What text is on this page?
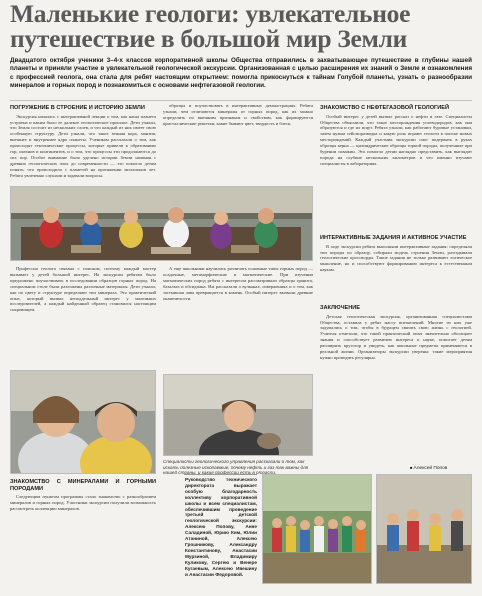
Маленькие геологи: увлекательное путешествие в большой мир Земли

Двадцатого октября ученики 3–4-х классов корпоративной школы Общества отправились в захватывающее путешествие в глубины нашей планеты и приняли участие в увлекательной геологической экскурсии. Организованная с целью расширения их знаний о Земле и ознакомления с профессией геолога, она стала для ребят настоящим открытием: помогла прикоснуться к тайнам Голубой планеты, узнать о разнообразии минералов и горных пород и познакомиться с основами нефтегазовой геологии.

ПОГРУЖЕНИЕ В СТРОЕНИЕ И ИСТОРИЮ ЗЕМЛИ

Экскурсия началась с интерактивной лекции о том, как наша планета устроена и каким было ее далекое геологическое прошлое. Дети узнали, что Земля состоит из нескольких слоев, и что каждый из них имеет свою особенную структуру. Дети узнали, что такое земная кора, мантия, внешнее и внутреннее ядра планеты. Ученикам рассказали о том, как происходят тектонические процессы, которые привели к образованию гор, океанов и континентов, и о том, что процессы эти продолжаются до сих пор. Особое внимание было уделено истории Земли начиная с древних геологических эпох до современности — это помогло детям понять, что происходило с планетой на протяжении миллионов лет. Ребята увлеченно слушали и задавали вопросы.

образцы и поучаствовать в интерактивных демонстрациях. Ребята узнали, чем отличаются минералы от горных пород, как их можно определить по внешним признакам и свойствам, как формируются кристаллические решетки, какие бывают цвет, твердость и блеск.

Профессия геолога связана с поиском, поэтому каждый мастер вызывает у детей большой интерес. На экскурсии ребятам было предложено поучаствовать в исследовании образцов горных пород. На специальном столе были разложены различные материалы. Дети узнали, как по цвету и структуре определяют тип минерала. Это практический опыт, который вызвал неподдельный интерес у маленьких исследователей, а каждый найденный образец становился настоящим сокровищем.

А еще школьники научились различать основные типы горных пород — осадочные, метаморфические и магматические. При изучении магматических пород ребята с интересом рассматривали образцы гранита, базальта и обсидиана. Им рассказали о вулканах, извержениях и о том, как застывшая лава превращается в камень. Особый интерес вызвали древние окаменелости.

ЗНАКОМСТВО С НЕФТЕГАЗОВОЙ ГЕОЛОГИЕЙ

Особый интерес у детей вызвал рассказ о нефти и газе. Специалисты Общества объяснили, что такое месторождения углеводородов, как они образуются и где их ищут. Ребята узнали, как работают буровые установки, зачем нужна сейсморазведка и какую роль играют геологи в поиске новых месторождений. Каждый участник экскурсии смог подержать в руках образцы керна — цилиндрические образцы горной породы, полученные при бурении скважин. Это помогло детям наглядно представить, как выглядит порода на глубине нескольких километров и что именно изучают специалисты в лабораториях.

ИНТЕРАКТИВНЫЕ ЗАДАНИЯ И АКТИВНОЕ УЧАСТИЕ

В ходе экскурсии ребята выполняли интерактивные задания: определяли тип породы по образцу, собирали модель строения Земли, разгадывали геологические кроссворды. Такие задания не только развивают логическое мышление, но и способствуют формированию интереса к естественным наукам.

ЗАКЛЮЧЕНИЕ

Детская геологическая экскурсия, организованная специалистами Общества, оставила у ребят массу впечатлений. Многие из них уже задумались о том, чтобы в будущем связать свою жизнь с геологией. Учителя отметили, что такой практический опыт значительно обогащает знания и способствует развитию интереса к науке, помогает детям расширить кругозор и увидеть, как школьные предметы применяются в реальной жизни. Организаторы экскурсии уверены: такие мероприятия нужно проводить регулярно.

■ Алексей Попов
ЗНАКОМСТВО С МИНЕРАЛАМИ И ГОРНЫМИ ПОРОДАМИ

Следующим пунктом программы стало знакомство с разнообразием минералов и горных пород. Участники экскурсии получили возможность рассмотреть коллекцию минералов.

Специалисты геологического управления рассказали о том, как искать полезные ископаемые, почему нефть и газ так важны для нашей страны, и какие профессии есть в отрасли.
Руководство технического директората выражает особую благодарность коллективу корпоративной школы и всем специалистам, обеспечившим проведение третьей детской геологической экскурсии: Алексею Попову, Анне Саладиной, Юрию Ким, Юлии Атаниной, Алексею Грошникову, Александру Константинову, Анастасии Мурзиной, Владимиру Куликову, Сергею и Венере Кугаевым, Алексею Ивешину и Анастасии Федоровой.
